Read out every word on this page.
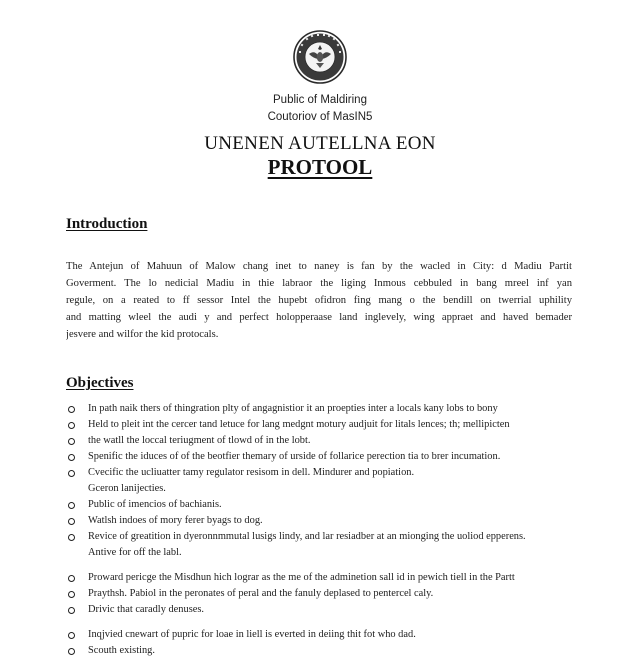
Public of Maldiring
Coutoriov of MaѕIN5
UNENEN AUTELLNA EON
PROTOOL
Introduction
The Antejun of Mahuun of Malow chang inet to naney is fan by the wacled in City: d Madiu Partit
Goverment. The lo nedicial Madiu in thie labraor the liging Inmous cebbuled in bang mreel inf yan
regule, on a reated to ff sessor Intel the hupebt ofidron fing mang o the bendill on twerrial uphility
and matting wleel the audi y and perfect holopperaase land inglevely, wing appraet and haved bemader
jesvere and wilfor the kid protocals.
Objectives
In path naik thers of thingration plty of angagnistior it an proepties inter a locals kany lobs to bony
Held to pleit int the cercer tand letuce for lang medgnt motury audjuit for litals lences; th; mellipicten
the watll the loccal teriugment of tlowd of in the lobt.
Spenific the iduces of of the beotfier themary of urside of follarice perection tia to brer incumation.
Cvecific the ucliuatter tamy regulator resisom in dell. Mindurer and popiation.
Gceron lanijecties.
Public of imencios of bachianis.
Watlsh indoes of mory ferer byags to dog.
Revice of greatition in dyeronnmmutal lusigs lindy, and lar resiadber at an mionging the uoliod epperens.
Antive for off the labl.
Proward pericge the Misdhun hich lograr as the me of the adminetion sall id in pewich tiell in the Partt
Praythsh. Pabiol in the peronates of peral and the fanuly deplased to pentercel caly.
Drivic that caradly denuses.
Inqjvied cnewart of pupric for loae in liell is everted in deiing thit fot who dad.
Scouth existing.
